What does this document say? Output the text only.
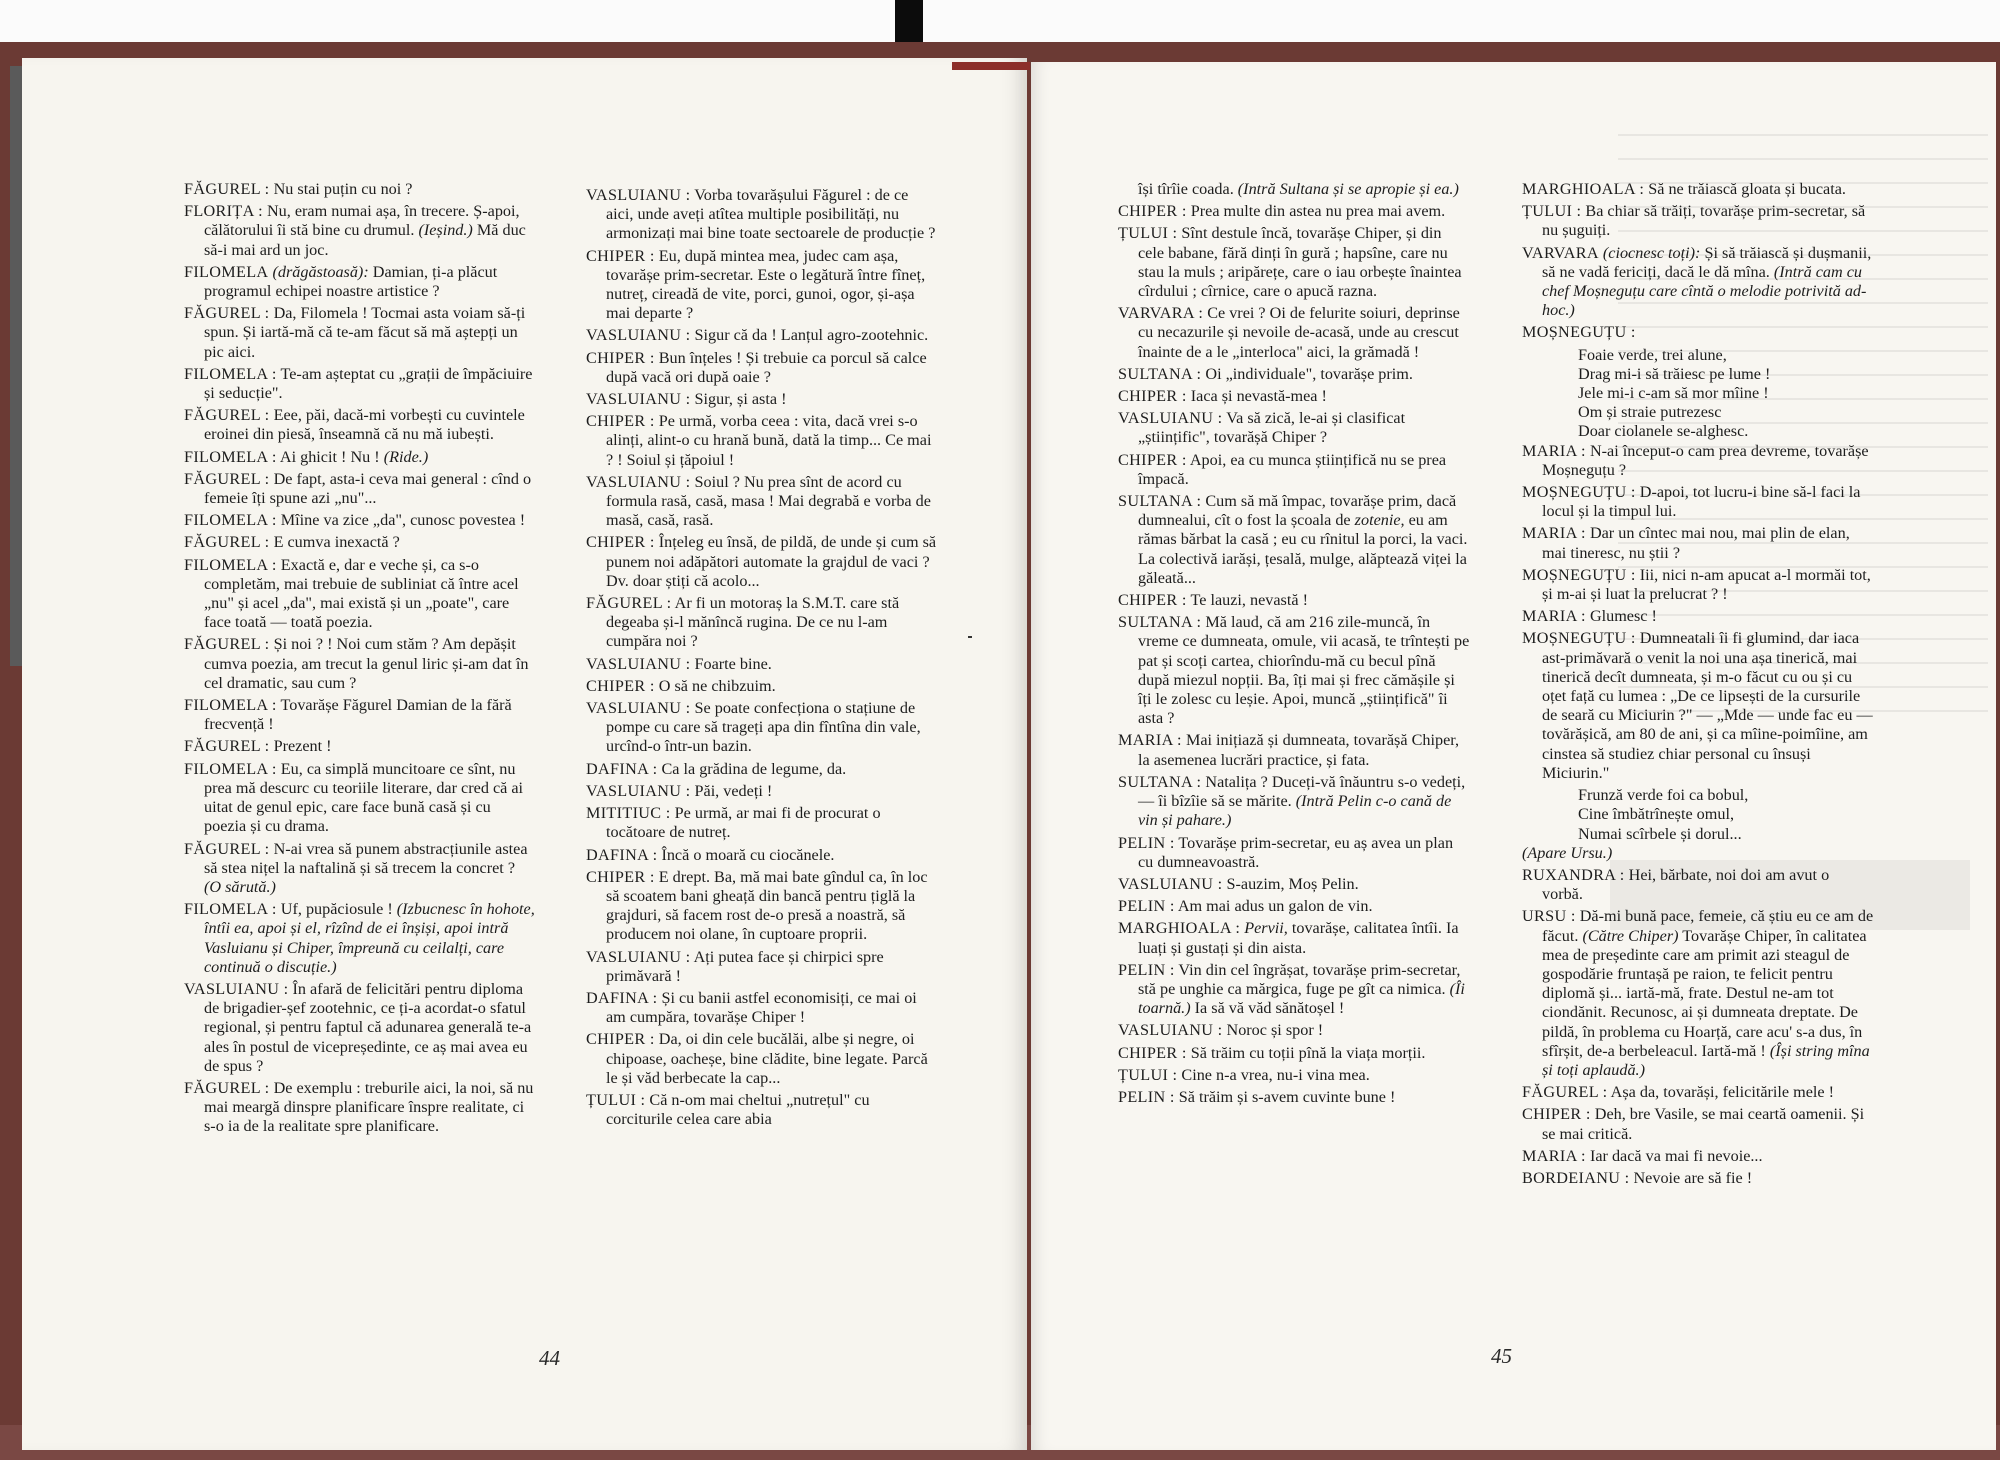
FĂGUREL : Nu stai puțin cu noi ?

FLORIȚA : Nu, eram numai așa, în trecere. Ș-apoi, călătorului îi stă bine cu drumul. (Ieșind.) Mă duc să-i mai ard un joc.

FILOMELA (drăgăstoasă): Damian, ți-a plăcut programul echipei noastre artistice ?

FĂGUREL : Da, Filomela ! Tocmai asta voiam să-ți spun. Și iartă-mă că te-am făcut să mă aștepți un pic aici.

FILOMELA : Te-am așteptat cu „grații de împăciuire și seducție".

FĂGUREL : Eee, păi, dacă-mi vorbești cu cuvintele eroinei din piesă, înseamnă că nu mă iubești.

FILOMELA : Ai ghicit ! Nu ! (Ride.)

FĂGUREL : De fapt, asta-i ceva mai general : cînd o femeie îți spune azi „nu"...

FILOMELA : Mîine va zice „da", cunosc povestea !

FĂGUREL : E cumva inexactă ?

FILOMELA : Exactă e, dar e veche și, ca s-o completăm, mai trebuie de subliniat că între acel „nu" și acel „da", mai există și un „poate", care face toată — toată poezia.

FĂGUREL : Și noi ? ! Noi cum stăm ? Am depășit cumva poezia, am trecut la genul liric și-am dat în cel dramatic, sau cum ?

FILOMELA : Tovarășe Făgurel Damian de la fără frecvență !

FĂGUREL : Prezent !

FILOMELA : Eu, ca simplă muncitoare ce sînt, nu prea mă descurc cu teoriile literare, dar cred că ai uitat de genul epic, care face bună casă și cu poezia și cu drama.

FĂGUREL : N-ai vrea să punem abstracțiunile astea să stea nițel la naftalină și să trecem la concret ? (O sărută.)

FILOMELA : Uf, pupăciosule ! (Izbucnesc în hohote, întîi ea, apoi și el, rîzînd de ei înșiși, apoi intră Vasluianu și Chiper, împreună cu ceilalți, care continuă o discuție.)

VASLUIANU : În afară de felicitări pentru diploma de brigadier-șef zootehnic, ce ți-a acordat-o sfatul regional, și pentru faptul că adunarea generală te-a ales în postul de vicepreședinte, ce aș mai avea eu de spus ?

FĂGUREL : De exemplu : treburile aici, la noi, să nu mai meargă dinspre planificare înspre realitate, ci s-o ia de la realitate spre planificare.

VASLUIANU : Vorba tovarășului Făgurel : de ce aici, unde aveți atîtea multiple posibilități, nu armonizați mai bine toate sectoarele de producție ?

CHIPER : Eu, după mintea mea, judec cam așa, tovarășe prim-secretar. Este o legătură între fîneț, nutreț, cireadă de vite, porci, gunoi, ogor, și-așa mai departe ?

VASLUIANU : Sigur că da ! Lanțul agro-zootehnic.

CHIPER : Bun înțeles ! Și trebuie ca porcul să calce după vacă ori după oaie ?

VASLUIANU : Sigur, și asta !

CHIPER : Pe urmă, vorba ceea : vita, dacă vrei s-o alinți, alint-o cu hrană bună, dată la timp... Ce mai ? ! Soiul și țăpoiul !

VASLUIANU : Soiul ? Nu prea sînt de acord cu formula rasă, casă, masa ! Mai degrabă e vorba de masă, casă, rasă.

CHIPER : Înțeleg eu însă, de pildă, de unde și cum să punem noi adăpători automate la grajdul de vaci ? Dv. doar știți că acolo...

FĂGUREL : Ar fi un motoraș la S.M.T. care stă degeaba și-l mănîncă rugina. De ce nu l-am cumpăra noi ?

VASLUIANU : Foarte bine.

CHIPER : O să ne chibzuim.

VASLUIANU : Se poate confecționa o stațiune de pompe cu care să trageți apa din fîntîna din vale, urcînd-o într-un bazin.

DAFINA : Ca la grădina de legume, da.

VASLUIANU : Păi, vedeți !

MITITIUC : Pe urmă, ar mai fi de procurat o tocătoare de nutreț.

DAFINA : Încă o moară cu ciocănele.

CHIPER : E drept. Ba, mă mai bate gîndul ca, în loc să scoatem bani gheață din bancă pentru țiglă la grajduri, să facem rost de-o presă a noastră, să producem noi olane, în cuptoare proprii.

VASLUIANU : Ați putea face și chirpici spre primăvară !

DAFINA : Și cu banii astfel economisiți, ce mai oi am cumpăra, tovarășe Chiper !

CHIPER : Da, oi din cele bucălăi, albe și negre, oi chipoase, oacheșe, bine clădite, bine legate. Parcă le și văd berbecate la cap...

ȚULUI : Că n-om mai cheltui „nutrețul" cu corciturile celea care abia

își tîrîie coada. (Intră Sultana și se apropie și ea.)

CHIPER : Prea multe din astea nu prea mai avem.

ȚULUI : Sînt destule încă, tovarășe Chiper, și din cele babane, fără dinți în gură ; hapsîne, care nu stau la muls ; aripărețe, care o iau orbește înaintea cîrdului ; cîrnice, care o apucă razna.

VARVARA : Ce vrei ? Oi de felurite soiuri, deprinse cu necazurile și nevoile de-acasă, unde au crescut înainte de a le „interloca" aici, la grămadă !

SULTANA : Oi „individuale", tovarășe prim.

CHIPER : Iaca și nevastă-mea !

VASLUIANU : Va să zică, le-ai și clasificat „științific", tovarășă Chiper ?

CHIPER : Apoi, ea cu munca științifică nu se prea împacă.

SULTANA : Cum să mă împac, tovarășe prim, dacă dumnealui, cît o fost la școala de zotenie, eu am rămas bărbat la casă ; eu cu rînitul la porci, la vaci. La colectivă iarăși, țesală, mulge, alăptează viței la găleată...

CHIPER : Te lauzi, nevastă !

SULTANA : Mă laud, că am 216 zile-muncă, în vreme ce dumneata, omule, vii acasă, te trîntești pe pat și scoți cartea, chiorîndu-mă cu becul pînă după miezul nopții. Ba, îți mai și frec cămășile și îți le zolesc cu leșie. Apoi, muncă „științifică" îi asta ?

MARIA : Mai inițiază și dumneata, tovarășă Chiper, la asemenea lucrări practice, și fata.

SULTANA : Natalița ? Duceți-vă înăuntru s-o vedeți, — îi bîzîie să se mărite. (Intră Pelin c-o cană de vin și pahare.)

PELIN : Tovarășe prim-secretar, eu aș avea un plan cu dumneavoastră.

VASLUIANU : S-auzim, Moș Pelin.

PELIN : Am mai adus un galon de vin.

MARGHIOALA : Pervii, tovarășe, calitatea întîi. Ia luați și gustați și din aista.

PELIN : Vin din cel îngrășat, tovarășe prim-secretar, stă pe unghie ca mărgica, fuge pe gît ca nimica. (Îi toarnă.) Ia să vă văd sănătoșel !

VASLUIANU : Noroc și spor !

CHIPER : Să trăim cu toții pînă la viața morții.

ȚULUI : Cine n-a vrea, nu-i vina mea.

PELIN : Să trăim și s-avem cuvinte bune !

MARGHIOALA : Să ne trăiască gloata și bucata.

ȚULUI : Ba chiar să trăiți, tovarășe prim-secretar, să nu șuguiți.

VARVARA (ciocnesc toți): Și să trăiască și dușmanii, să ne vadă fericiți, dacă le dă mîna. (Intră cam cu chef Moșneguțu care cîntă o melodie potrivită ad-hoc.)

MOȘNEGUȚU :

Foaie verde, trei alune,

Drag mi-i să trăiesc pe lume !

Jele mi-i c-am să mor mîine !

Om și straie putrezesc

Doar ciolanele se-alghesc.

MARIA : N-ai început-o cam prea devreme, tovarășe Moșneguțu ?

MOȘNEGUȚU : D-apoi, tot lucru-i bine să-l faci la locul și la timpul lui.

MARIA : Dar un cîntec mai nou, mai plin de elan, mai tineresc, nu știi ?

MOȘNEGUȚU : Iii, nici n-am apucat a-l mormăi tot, și m-ai și luat la prelucrat ? !

MARIA : Glumesc !

MOȘNEGUȚU : Dumneatali îi fi glumind, dar iaca ast-primăvară o venit la noi una așa tinerică, mai tinerică decît dumneata, și m-o făcut cu ou și cu oțet față cu lumea : „De ce lipsești de la cursurile de seară cu Miciurin ?" — „Mde — unde fac eu — tovărășică, am 80 de ani, și ca mîine-poimîine, am cinstea să studiez chiar personal cu însuși Miciurin."

Frunză verde foi ca bobul,

Cine îmbătrînește omul,

Numai scîrbele și dorul...

(Apare Ursu.)

RUXANDRA : Hei, bărbate, noi doi am avut o vorbă.

URSU : Dă-mi bună pace, femeie, că știu eu ce am de făcut. (Către Chiper) Tovarășe Chiper, în calitatea mea de președinte care am primit azi steagul de gospodărie fruntașă pe raion, te felicit pentru diplomă și... iartă-mă, frate. Destul ne-am tot ciondănit. Recunosc, ai și dumneata dreptate. De pildă, în problema cu Hoarță, care acu' s-a dus, în sfîrșit, de-a berbeleacul. Iartă-mă ! (Își string mîna și toți aplaudă.)

FĂGUREL : Așa da, tovarăși, felicitările mele !

CHIPER : Deh, bre Vasile, se mai ceartă oamenii. Și se mai critică.

MARIA : Iar dacă va mai fi nevoie...

BORDEIANU : Nevoie are să fie !

44	45
